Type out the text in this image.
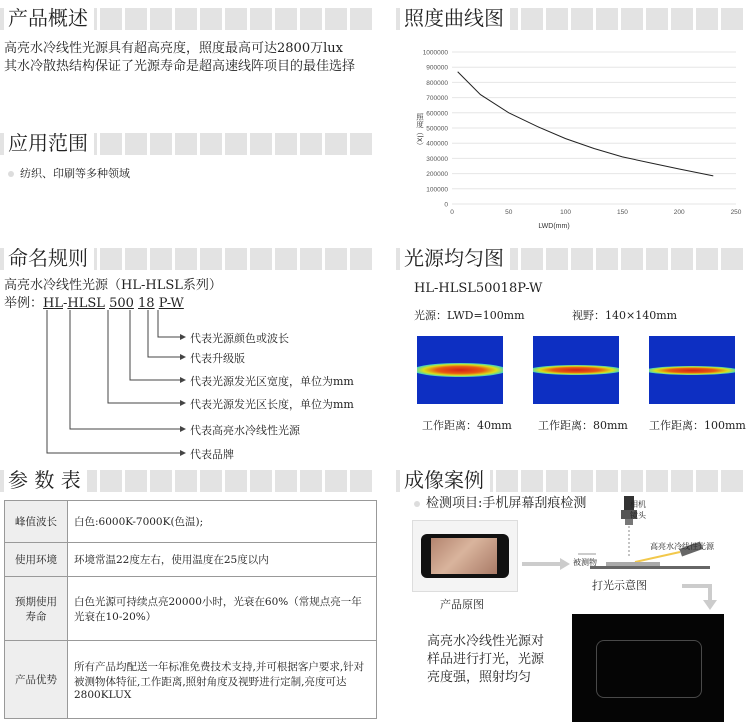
产品概述
高亮水冷线性光源具有超高亮度，照度最高可达2800万lux
其水冷散热结构保证了光源寿命是超高速线阵项目的最佳选择
应用范围
纺织、印刷等多种领域
照度曲线图
0
100000
200000
300000
400000
500000
600000
700000
800000
900000
1000000
0	50	100	150	200	250
LWD(mm)
照度（lx）
命名规则
高亮水冷线性光源（HL-HLSL系列）
举例：HL-HLSL 500 18 P-W
代表光源颜色或波长
代表升级版
代表光源发光区宽度，单位为mm
代表光源发光区长度，单位为mm
代表高亮水冷线性光源
代表品牌
光源均匀图
HL-HLSL50018P-W
光源：LWD=100mm	视野：140×140mm
工作距离：40mm 工作距离：80mm 工作距离：100mm
参 数 表
峰值波长	白色:6000K-7000K(色温);
使用环境	环境常温22度左右，使用温度在25度以内
预期使用寿命	白色光源可持续点亮20000小时，光衰在60%（常规点亮一年光衰在10-20%）
产品优势	所有产品均配送一年标准免费技术支持,并可根据客户要求,针对被测物体特征,工作距离,照射角度及视野进行定制,亮度可达2800KLUX
成像案例
检测项目:手机屏幕刮痕检测
产品原图
相机
镜头
高亮水冷线性光源
被测物
打光示意图
高亮水冷线性光源对
样品进行打光，光源
亮度强，照射均匀
